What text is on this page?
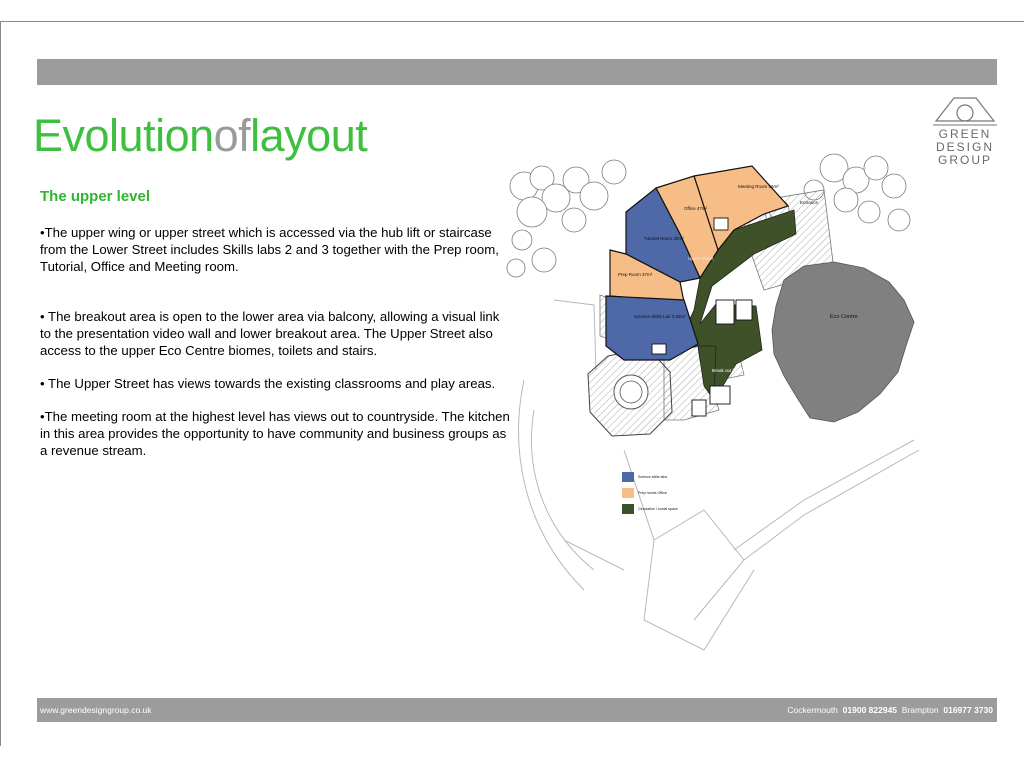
Evolutionoflayout	GREEN
DESIGN
GROUP
The upper level

•The upper wing or upper street which is accessed via the hub lift or staircase from the Lower Street includes Skills labs 2 and 3 together with the Prep room, Tutorial, Office and Meeting room.

• The breakout area is open to the lower area via balcony, allowing a visual link to the presentation video wall and lower breakout area. The Upper Street also access to the upper Eco Centre biomes, toilets and stairs.

• The Upper Street has views towards the existing classrooms and play areas.

•The meeting room at the highest level has views out to countryside. The kitchen in this area provides the opportunity to have community and business groups as a revenue stream.

Eco Centre
Meeting Room 56m²
Office 47m²
Tutorial Room 30m²
Prep Room 37m²
Science Skills Lab 3 58m²
Entrance
Upper Street
Break out landing
Science skills labs
Prep rooms Office
Circulation / social space
www.greendesigngroup.co.uk	Cockermouth 01900 822945 Brampton 016977 3730
